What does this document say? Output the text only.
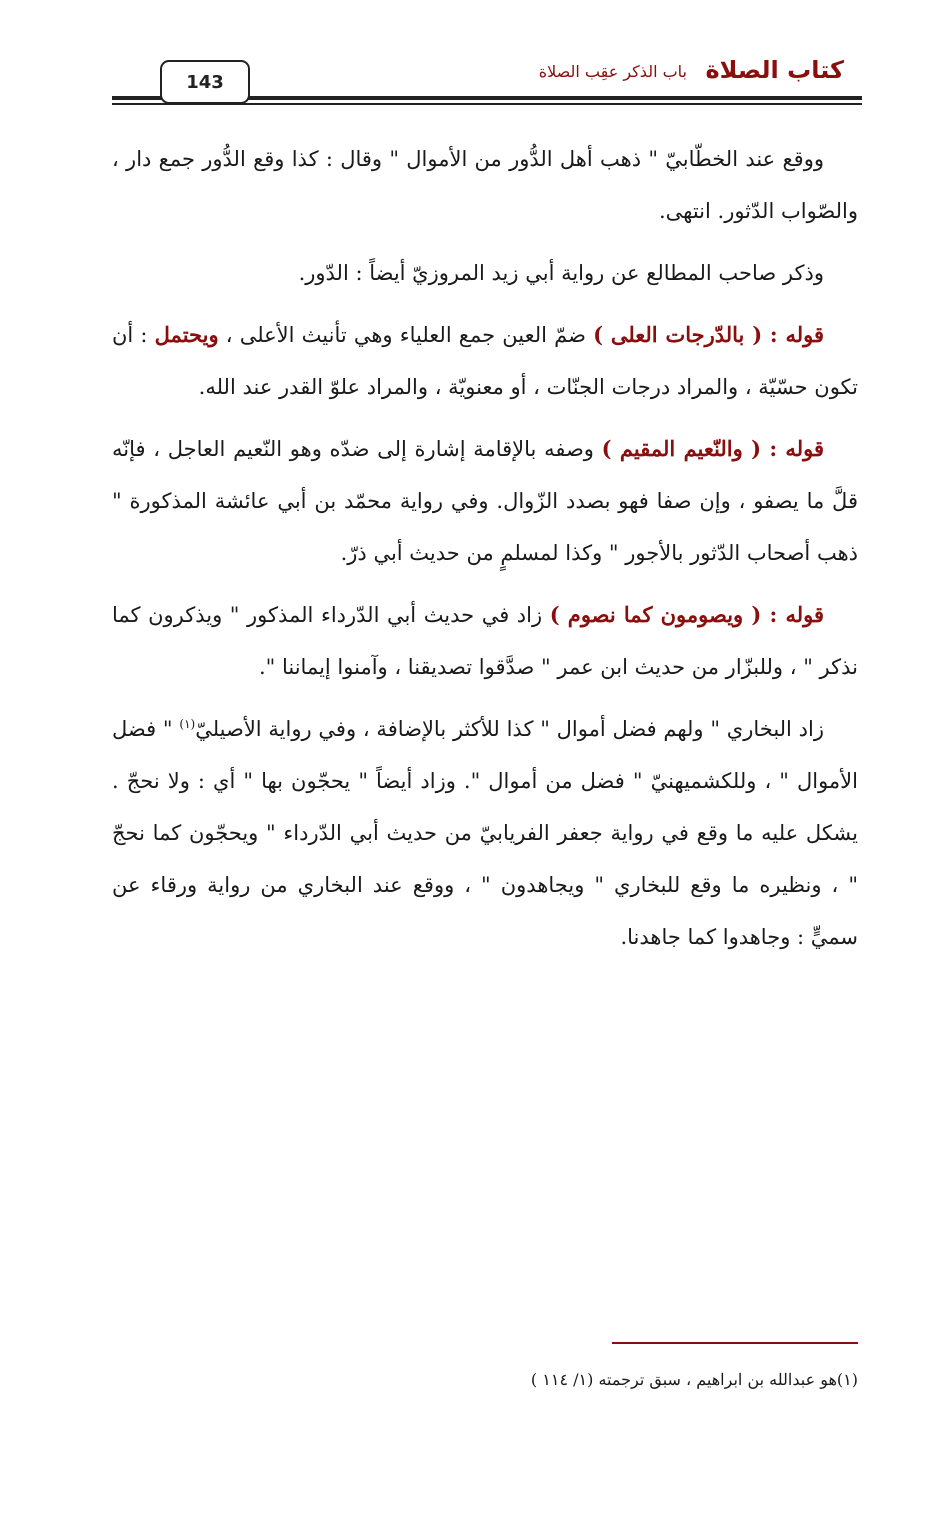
143	كتاب الصلاة
باب الذكر عقِب الصلاة

ووقع عند الخطّابيّ " ذهب أهل الدُّور من الأموال " وقال : كذا وقع الدُّور جمع دار ، والصّواب الدّثور. انتهى.

وذكر صاحب المطالع عن رواية أبي زيد المروزيّ أيضاً : الدّور.

قوله : ( بالدّرجات العلى ) ضمّ العين جمع العلياء وهي تأنيث الأعلى ، ويحتمل : أن تكون حسّيّة ، والمراد درجات الجنّات ، أو معنويّة ، والمراد علوّ القدر عند الله.

قوله : ( والنّعيم المقيم ) وصفه بالإقامة إشارة إلى ضدّه وهو النّعيم العاجل ، فإنّه قلَّ ما يصفو ، وإن صفا فهو بصدد الزّوال. وفي رواية محمّد بن أبي عائشة المذكورة " ذهب أصحاب الدّثور بالأجور " وكذا لمسلمٍ من حديث أبي ذرّ.

قوله : ( ويصومون كما نصوم ) زاد في حديث أبي الدّرداء المذكور " ويذكرون كما نذكر " ، وللبزّار من حديث ابن عمر " صدَّقوا تصديقنا ، وآمنوا إيماننا ".

زاد البخاري " ولهم فضل أموال " كذا للأكثر بالإضافة ، وفي رواية الأصيليّ$^{(١)}$ " فضل الأموال " ، وللكشميهنيّ " فضل من أموال ". وزاد أيضاً " يحجّون بها " أي : ولا نحجّ . يشكل عليه ما وقع في رواية جعفر الفريابيّ من حديث أبي الدّرداء " ويحجّون كما نحجّ " ، ونظيره ما وقع للبخاري " ويجاهدون " ، ووقع عند البخاري من رواية ورقاء عن سميٍّ : وجاهدوا كما جاهدنا.

(١)هو عبدالله بن ابراهيم ، سبق ترجمته (١/ ١١٤ )
